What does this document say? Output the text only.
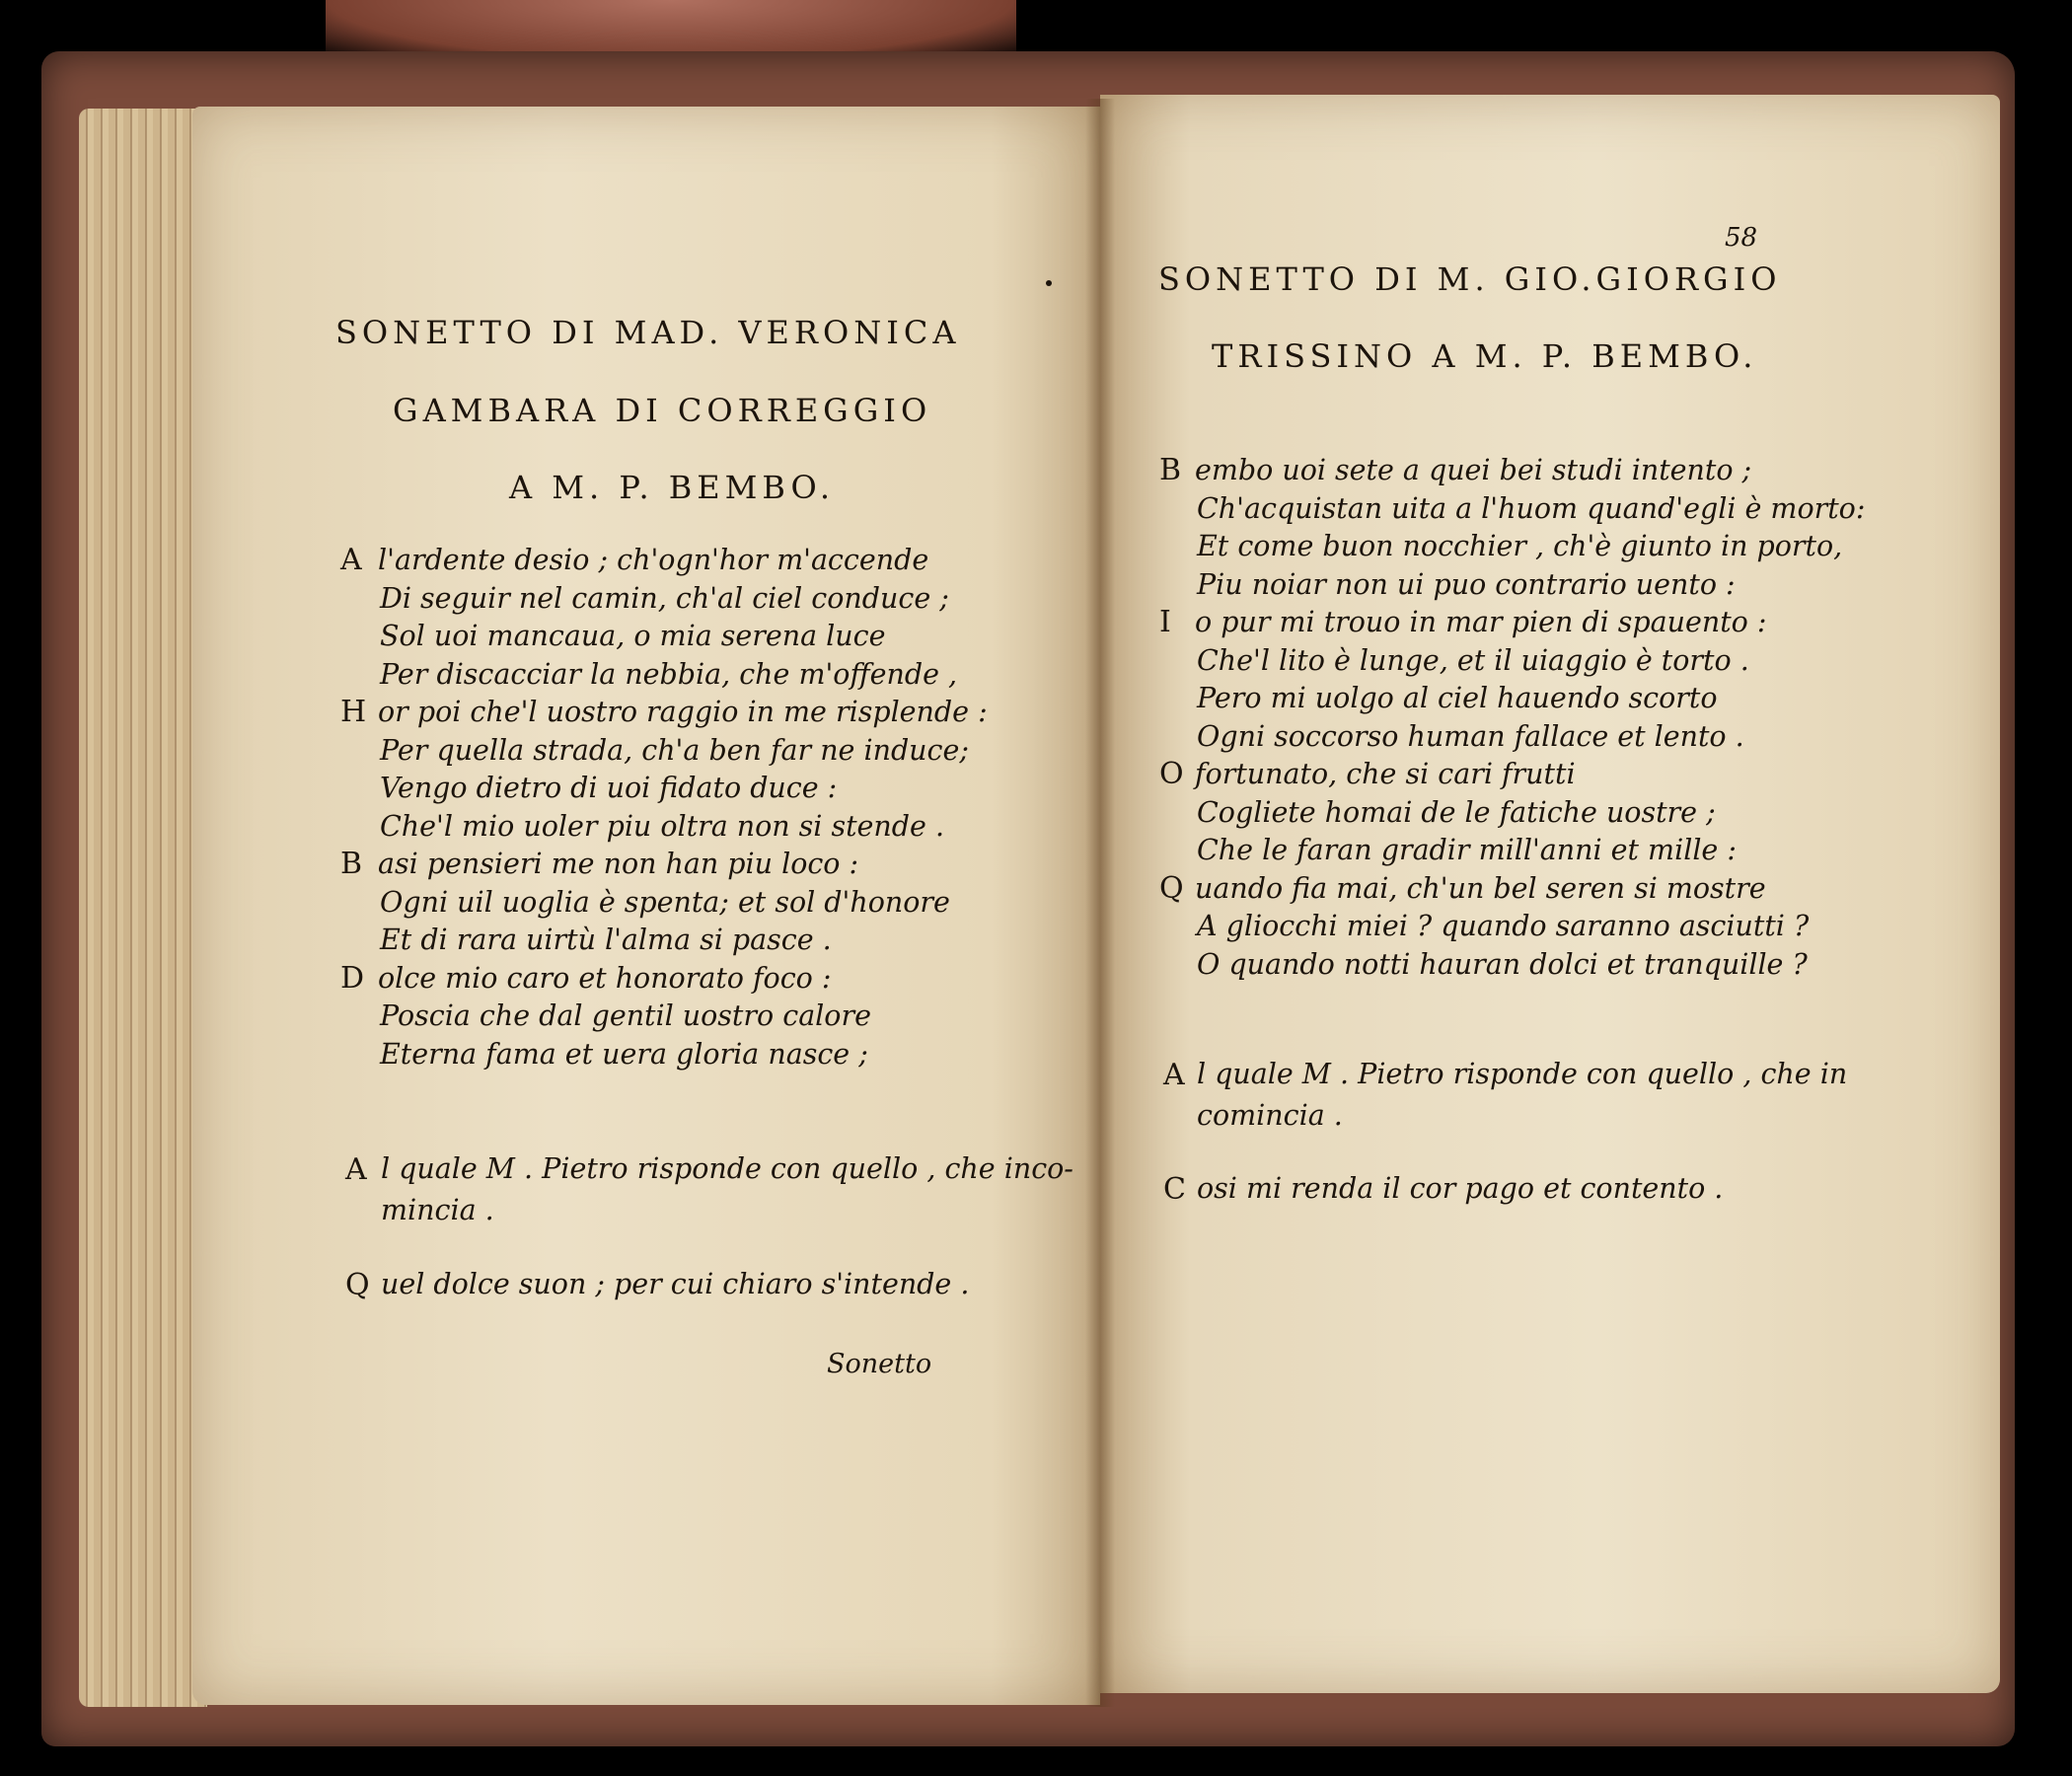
SONETTO DI MAD. VERONICA
GAMBARA DI CORREGGIO
A M. P. BEMBO.
A l'ardente desio ; ch'ogn'hor m'accende
Di seguir nel camin, ch'al ciel conduce ;
Sol uoi mancaua, o mia serena luce
Per discacciar la nebbia, che m'offende ,
H or poi che'l uostro raggio in me risplende :
Per quella strada, ch'a ben far ne induce;
Vengo dietro di uoi fidato duce :
Che'l mio uoler piu oltra non si stende .
B asi pensieri me non han piu loco :
Ogni uil uoglia è spenta; et sol d'honore
Et di rara uirtù l'alma si pasce .
D olce mio caro et honorato foco :
Poscia che dal gentil uostro calore
Eterna fama et uera gloria nasce ;
A l quale M . Pietro risponde con quello , che inco-
mincia .
Q uel dolce suon ; per cui chiaro s'intende .
Sonetto
58
SONETTO DI M. GIO.GIORGIO
TRISSINO A M. P. BEMBO.
B embo uoi sete a quei bei studi intento ;
Ch'acquistan uita a l'huom quand'egli è morto:
Et come buon nocchier , ch'è giunto in porto,
Piu noiar non ui puo contrario uento :
I o pur mi trouo in mar pien di spauento :
Che'l lito è lunge, et il uiaggio è torto .
Pero mi uolgo al ciel hauendo scorto
Ogni soccorso human fallace et lento .
O fortunato, che si cari frutti
Cogliete homai de le fatiche uostre ;
Che le faran gradir mill'anni et mille :
Q uando fia mai, ch'un bel seren si mostre
A gliocchi miei ? quando saranno asciutti ?
O quando notti hauran dolci et tranquille ?
A l quale M . Pietro risponde con quello , che in
comincia .
C osi mi renda il cor pago et contento .
